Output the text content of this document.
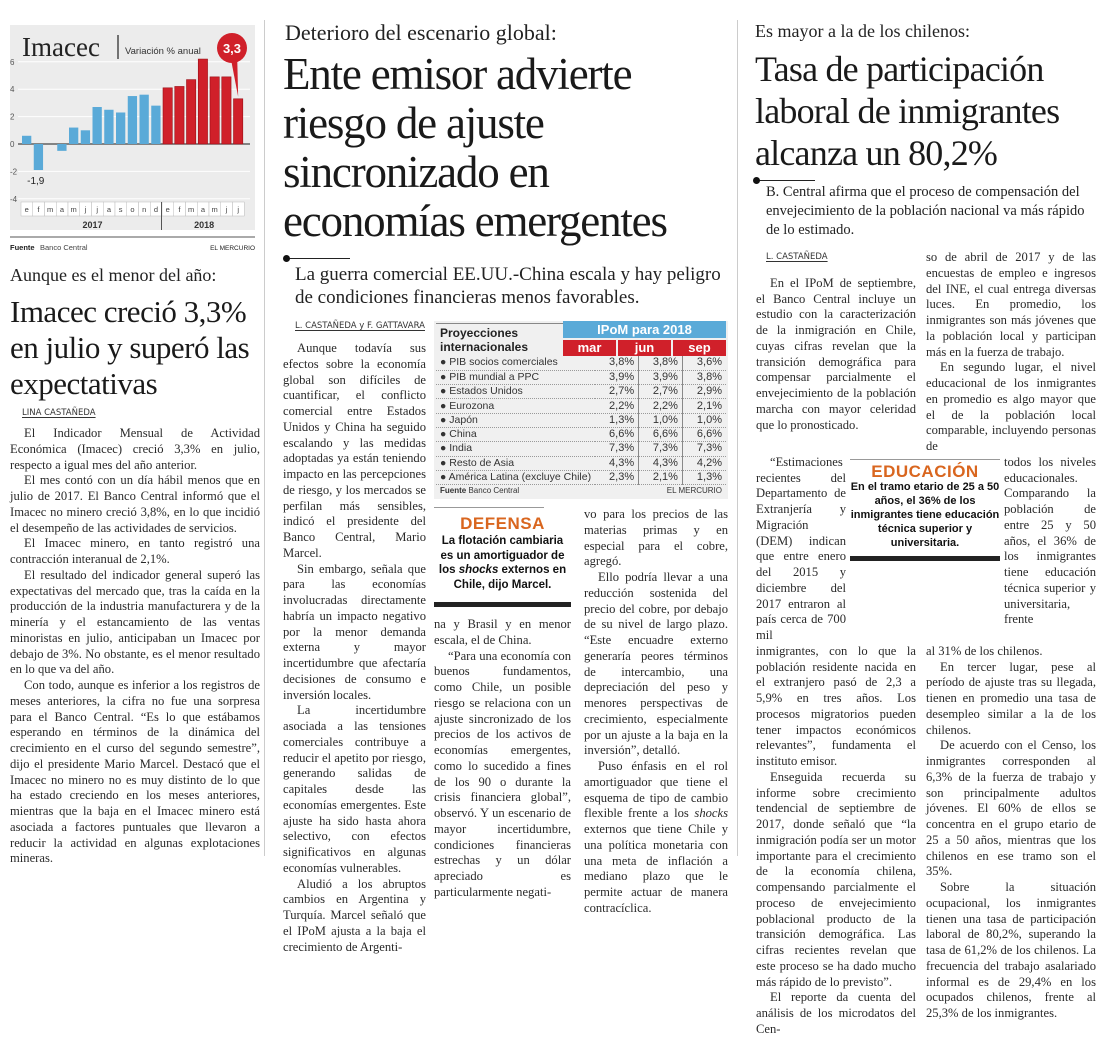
6
4
2
0
-2
-4
Imacec	Variación % anual
e f m a m j j a s o n d e f m a m j j
2017	2018
-1,9
3,3
Fuente Banco Central	EL MERCURIO
Aunque es el menor del año:
Imacec creció 3,3% en julio y superó las expectativas
LINA CASTAÑEDA

El Indicador Mensual de Actividad Económica (Imacec) creció 3,3% en julio, respecto a igual mes del año anterior.

El mes contó con un día hábil menos que en julio de 2017. El Banco Central informó que el Imacec no minero creció 3,8%, en lo que incidió el desempeño de las actividades de servicios.

El Imacec minero, en tanto registró una contracción interanual de 2,1%.

El resultado del indicador general superó las expectativas del mercado que, tras la caída en la producción de la industria manufacturera y de la minería y el estancamiento de las ventas minoristas en julio, anticipaban un Imacec por debajo de 3%. No obstante, es el menor resultado en lo que va del año.

Con todo, aunque es inferior a los registros de meses anteriores, la cifra no fue una sorpresa para el Banco Central. “Es lo que estábamos esperando en términos de la dinámica del crecimiento en el curso del segundo semestre”, dijo el presidente Mario Marcel. Destacó que el Imacec no minero no es muy distinto de lo que ha estado creciendo en los meses anteriores, mientras que la baja en el Imacec minero está asociada a factores puntuales que llevaron a reducir la actividad en algunas explotaciones mineras.

Deterioro del escenario global:
Ente emisor advierte riesgo de ajuste sincronizado en economías emergentes
La guerra comercial EE.UU.-China escala y hay peligro de condiciones financieras menos favorables.
L. CASTAÑEDA y F. GATTAVARA

Aunque todavía sus efectos sobre la economía global son difíciles de cuantificar, el conflicto comercial entre Estados Unidos y China ha seguido escalando y las medidas adoptadas ya están teniendo impacto en las percepciones de riesgo, y los mercados se perfilan más sensibles, indicó el presidente del Banco Central, Mario Marcel.

Sin embargo, señala que para las economías involucradas directamente habría un impacto negativo por la menor demanda externa y mayor incertidumbre que afectaría decisiones de consumo e inversión locales.

La incertidumbre asociada a las tensiones comerciales contribuye a reducir el apetito por riesgo, generando salidas de capitales desde las economías emergentes. Este ajuste ha sido hasta ahora selectivo, con efectos significativos en algunas economías vulnerables.

Aludió a los abruptos cambios en Argentina y Turquía. Marcel señaló que el IPoM ajusta a la baja el crecimiento de Argenti-

Proyecciones internacionales
IPoM para 2018
mar	jun	sep
● PIB socios comerciales	3,8%	3,8%	3,6%
● PIB mundial a PPC	3,9%	3,9%	3,8%
● Estados Unidos	2,7%	2,7%	2,9%
● Eurozona	2,2%	2,2%	2,1%
● Japón	1,3%	1,0%	1,0%
● China	6,6%	6,6%	6,6%
● India	7,3%	7,3%	7,3%
● Resto de Asia	4,3%	4,3%	4,2%
● América Latina (excluye Chile)	2,3%	2,1%	1,3%
Fuente Banco Central	EL MERCURIO
DEFENSA
La flotación cambiaria es un amortiguador de los shocks externos en Chile, dijo Marcel.

na y Brasil y en menor escala, el de China.

“Para una economía con buenos fundamentos, como Chile, un posible riesgo se relaciona con un ajuste sincronizado de los precios de los activos de economías emergentes, como lo sucedido a fines de los 90 o durante la crisis financiera global”, observó. Y un escenario de mayor incertidumbre, condiciones financieras estrechas y un dólar apreciado es particularmente negati-

vo para los precios de las materias primas y en especial para el cobre, agregó.

Ello podría llevar a una reducción sostenida del precio del cobre, por debajo de su nivel de largo plazo. “Este encuadre externo generaría peores términos de intercambio, una depreciación del peso y menores perspectivas de crecimiento, especialmente por un ajuste a la baja en la inversión”, detalló.

Puso énfasis en el rol amortiguador que tiene el esquema de tipo de cambio flexible frente a los shocks externos que tiene Chile y una política monetaria con una meta de inflación a mediano plazo que le permite actuar de manera contracíclica.

Es mayor a la de los chilenos:
Tasa de participación laboral de inmigrantes alcanza un 80,2%
B. Central afirma que el proceso de compensación del envejecimiento de la población nacional va más rápido de lo estimado.
L. CASTAÑEDA

En el IPoM de septiembre, el Banco Central incluye un estudio con la caracterización de la inmigración en Chile, cuyas cifras revelan que la transición demográfica para compensar parcialmente el envejecimiento de la población marcha con mayor celeridad que lo pronosticado.

so de abril de 2017 y de las encuestas de empleo e ingresos del INE, el cual entrega diversas luces. En promedio, los inmigrantes son más jóvenes que la población local y participan más en la fuerza de trabajo.

En segundo lugar, el nivel educacional de los inmigrantes en promedio es algo mayor que el de la población local comparable, incluyendo personas de

“Estimaciones recientes del Departamento de Extranjería y Migración (DEM) indican que entre enero del 2015 y diciembre del 2017 entraron al país cerca de 700 mil

EDUCACIÓN
En el tramo etario de 25 a 50 años, el 36% de los inmigrantes tiene educación técnica superior y universitaria.

todos los niveles educacionales. Comparando la población de entre 25 y 50 años, el 36% de los inmigrantes tiene educación técnica superior y universitaria, frente

inmigrantes, con lo que la población residente nacida en el extranjero pasó de 2,3 a 5,9% en tres años. Los procesos migratorios pueden tener impactos económicos relevantes”, fundamenta el instituto emisor.

Enseguida recuerda su informe sobre crecimiento tendencial de septiembre de 2017, donde señaló que “la inmigración podía ser un motor importante para el crecimiento de la economía chilena, compensando parcialmente el proceso de envejecimiento poblacional producto de la transición demográfica. Las cifras recientes revelan que este proceso se ha dado mucho más rápido de lo previsto”.

El reporte da cuenta del análisis de los microdatos del Cen-

al 31% de los chilenos.

En tercer lugar, pese al período de ajuste tras su llegada, tienen en promedio una tasa de desempleo similar a la de los chilenos.

De acuerdo con el Censo, los inmigrantes corresponden al 6,3% de la fuerza de trabajo y son principalmente adultos jóvenes. El 60% de ellos se concentra en el grupo etario de 25 a 50 años, mientras que los chilenos en ese tramo son el 35%.

Sobre la situación ocupacional, los inmigrantes tienen una tasa de participación laboral de 80,2%, superando la tasa de 61,2% de los chilenos. La frecuencia del trabajo asalariado informal es de 29,4% en los ocupados chilenos, frente al 25,3% de los inmigrantes.
